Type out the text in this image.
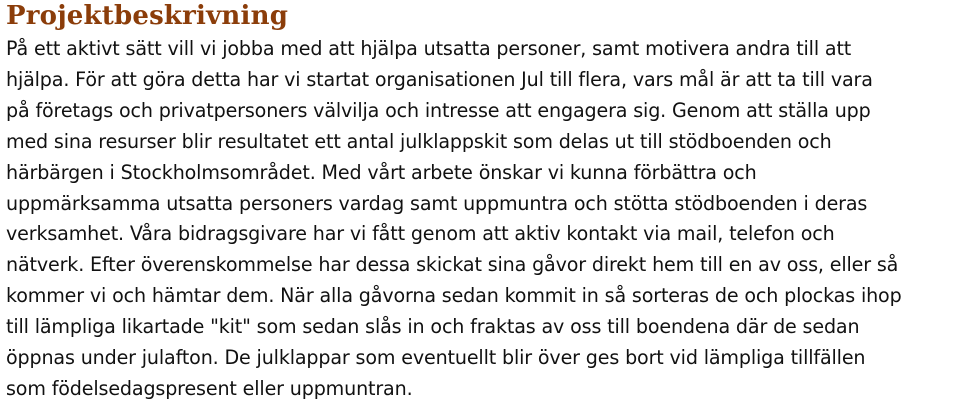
Projektbeskrivning

På ett aktivt sätt vill vi jobba med att hjälpa utsatta personer, samt motivera andra till att
hjälpa. För att göra detta har vi startat organisationen Jul till flera, vars mål är att ta till vara
på företags och privatpersoners välvilja och intresse att engagera sig. Genom att ställa upp
med sina resurser blir resultatet ett antal julklappskit som delas ut till stödboenden och
härbärgen i Stockholmsområdet. Med vårt arbete önskar vi kunna förbättra och
uppmärksamma utsatta personers vardag samt uppmuntra och stötta stödboenden i deras
verksamhet. Våra bidragsgivare har vi fått genom att aktiv kontakt via mail, telefon och
nätverk. Efter överenskommelse har dessa skickat sina gåvor direkt hem till en av oss, eller så
kommer vi och hämtar dem. När alla gåvorna sedan kommit in så sorteras de och plockas ihop
till lämpliga likartade "kit" som sedan slås in och fraktas av oss till boendena där de sedan
öppnas under julafton. De julklappar som eventuellt blir över ges bort vid lämpliga tillfällen
som födelsedagspresent eller uppmuntran.
